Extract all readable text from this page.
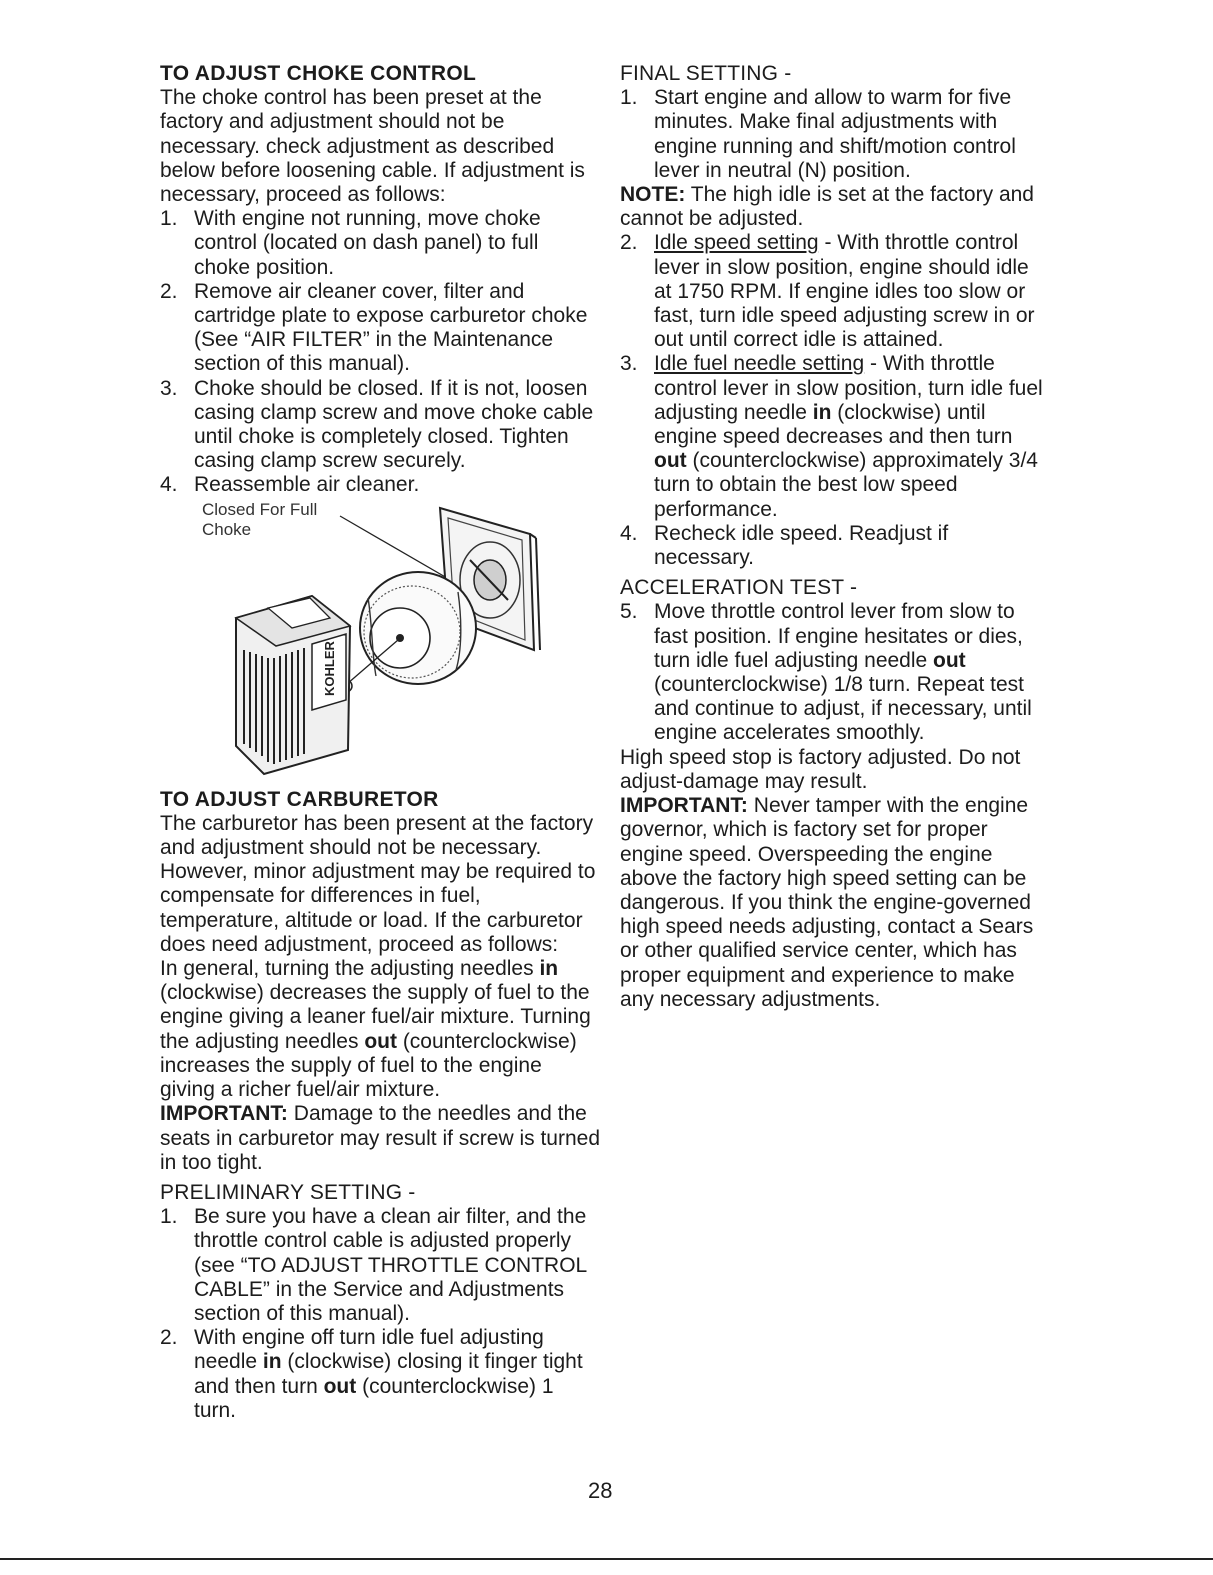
TO ADJUST CHOKE CONTROL

The choke control has been preset at the factory and adjustment should not be necessary. check adjustment as described below before loosening cable. If adjustment is necessary, proceed as follows:

1. With engine not running, move choke control (located on dash panel) to full choke position.
2. Remove air cleaner cover, filter and cartridge plate to expose carburetor choke (See “AIR FILTER” in the Maintenance section of this manual).
3. Choke should be closed. If it is not, loosen casing clamp screw and move choke cable until choke is completely closed. Tighten casing clamp screw securely.
4. Reassemble air cleaner.
Closed For Full
Choke
KOHLER
TO ADJUST CARBURETOR

The carburetor has been present at the factory and adjustment should not be necessary. However, minor adjustment may be required to compensate for differences in fuel, temperature, altitude or load. If the carburetor does need adjustment, proceed as follows:

In general, turning the adjusting needles in (clockwise) decreases the supply of fuel to the engine giving a leaner fuel/air mixture. Turning the adjusting needles out (counterclockwise) increases the supply of fuel to the engine giving a richer fuel/air mixture.

IMPORTANT: Damage to the needles and the seats in carburetor may result if screw is turned in too tight.

PRELIMINARY SETTING -

1. Be sure you have a clean air filter, and the throttle control cable is adjusted properly (see “TO ADJUST THROTTLE CONTROL CABLE” in the Service and Adjustments section of this manual).
2. With engine off turn idle fuel adjusting needle in (clockwise) closing it finger tight and then turn out (counterclockwise) 1 turn.

FINAL SETTING -

1. Start engine and allow to warm for five minutes. Make final adjustments with engine running and shift/motion control lever in neutral (N) position.

NOTE: The high idle is set at the factory and cannot be adjusted.

2. Idle speed setting - With throttle control lever in slow position, engine should idle at 1750 RPM. If engine idles too slow or fast, turn idle speed adjusting screw in or out until correct idle is attained.
3. Idle fuel needle setting - With throttle control lever in slow position, turn idle fuel adjusting needle in (clockwise) until engine speed decreases and then turn out (counterclockwise) approximately 3/4 turn to obtain the best low speed performance.
4. Recheck idle speed. Readjust if necessary.

ACCELERATION TEST -

5. Move throttle control lever from slow to fast position. If engine hesitates or dies, turn idle fuel adjusting needle out (counterclockwise) 1/8 turn. Repeat test and continue to adjust, if necessary, until engine accelerates smoothly.

High speed stop is factory adjusted. Do not adjust-damage may result.

IMPORTANT: Never tamper with the engine governor, which is factory set for proper engine speed. Overspeeding the engine above the factory high speed setting can be dangerous. If you think the engine-governed high speed needs adjusting, contact a Sears or other qualified service center, which has proper equipment and experience to make any necessary adjustments.

28
